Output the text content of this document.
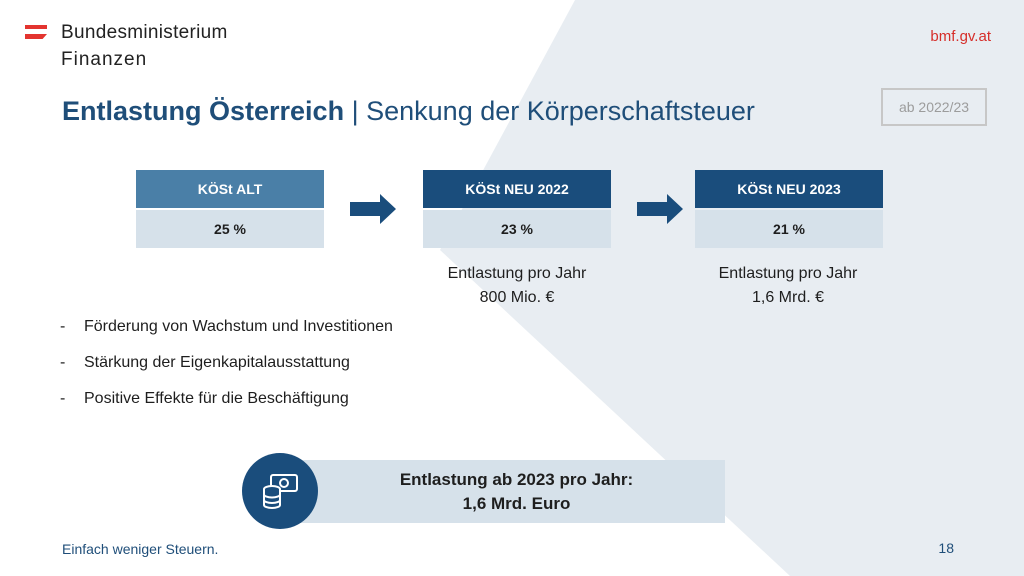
Bundesministerium
Finanzen
bmf.gv.at
Entlastung Österreich | Senkung der Körperschaftsteuer	ab 2022/23
KÖSt ALT
25 %
KÖSt NEU 2022
23 %
KÖSt NEU 2023
21 %
Entlastung pro Jahr
800 Mio. €
Entlastung pro Jahr
1,6 Mrd. €
-	Förderung von Wachstum und Investitionen
-	Stärkung der Eigenkapitalausstattung
-	Positive Effekte für die Beschäftigung
Entlastung ab 2023 pro Jahr:
1,6 Mrd. Euro
Einfach weniger Steuern.	18
